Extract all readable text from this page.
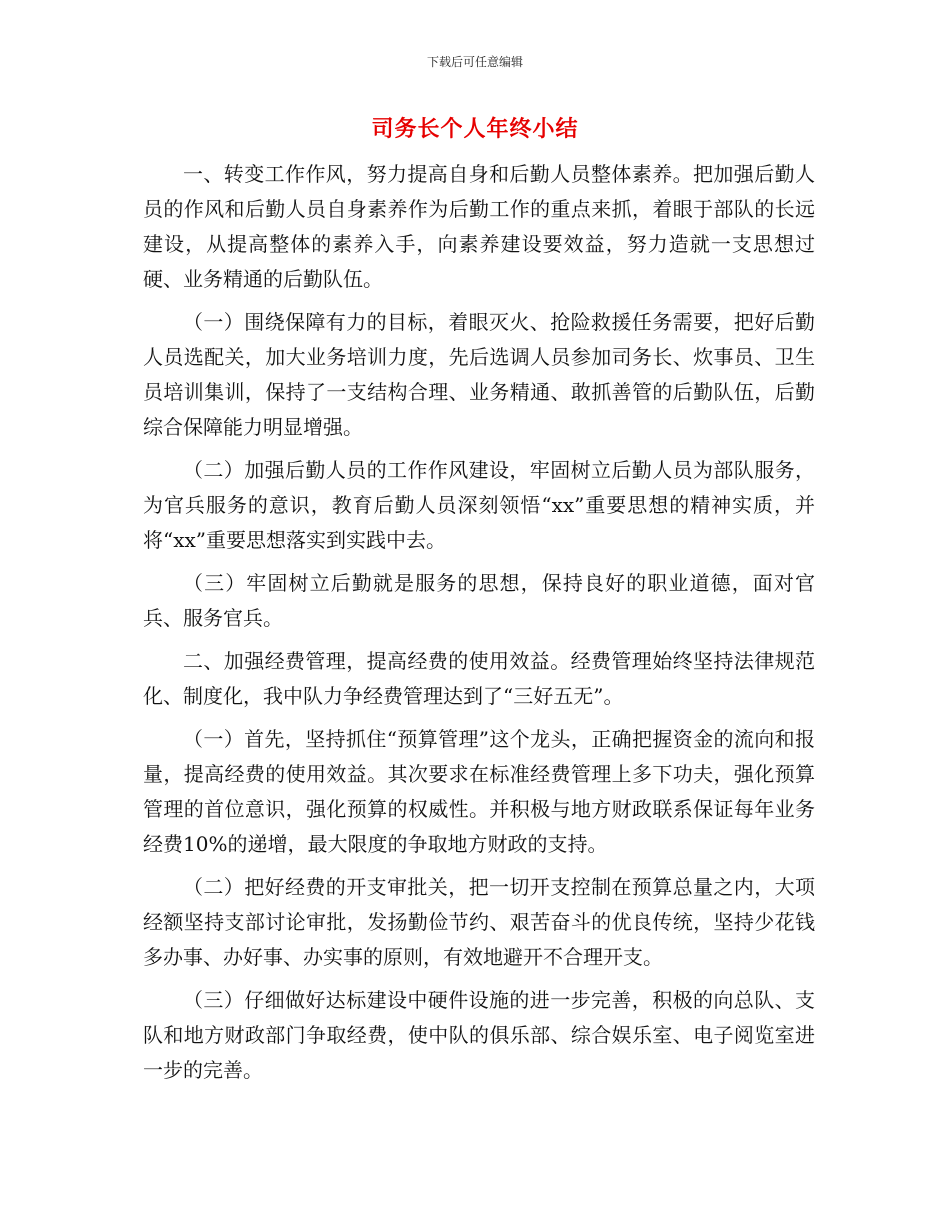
下载后可任意编辑
司务长个人年终小结

一、转变工作作风，努力提高自身和后勤人员整体素养。把加强后勤人员的作风和后勤人员自身素养作为后勤工作的重点来抓，着眼于部队的长远建设，从提高整体的素养入手，向素养建设要效益，努力造就一支思想过硬、业务精通的后勤队伍。

（一）围绕保障有力的目标，着眼灭火、抢险救援任务需要，把好后勤人员选配关，加大业务培训力度，先后选调人员参加司务长、炊事员、卫生员培训集训，保持了一支结构合理、业务精通、敢抓善管的后勤队伍，后勤综合保障能力明显增强。

（二）加强后勤人员的工作作风建设，牢固树立后勤人员为部队服务，为官兵服务的意识，教育后勤人员深刻领悟“xx”重要思想的精神实质，并将“xx”重要思想落实到实践中去。

（三）牢固树立后勤就是服务的思想，保持良好的职业道德，面对官兵、服务官兵。

二、加强经费管理，提高经费的使用效益。经费管理始终坚持法律规范化、制度化，我中队力争经费管理达到了“三好五无”。

（一）首先，坚持抓住“预算管理”这个龙头，正确把握资金的流向和报量，提高经费的使用效益。其次要求在标准经费管理上多下功夫，强化预算管理的首位意识，强化预算的权威性。并积极与地方财政联系保证每年业务经费10%的递增，最大限度的争取地方财政的支持。

（二）把好经费的开支审批关，把一切开支控制在预算总量之内，大项经额坚持支部讨论审批，发扬勤俭节约、艰苦奋斗的优良传统，坚持少花钱多办事、办好事、办实事的原则，有效地避开不合理开支。

（三）仔细做好达标建设中硬件设施的进一步完善，积极的向总队、支队和地方财政部门争取经费，使中队的俱乐部、综合娱乐室、电子阅览室进一步的完善。
